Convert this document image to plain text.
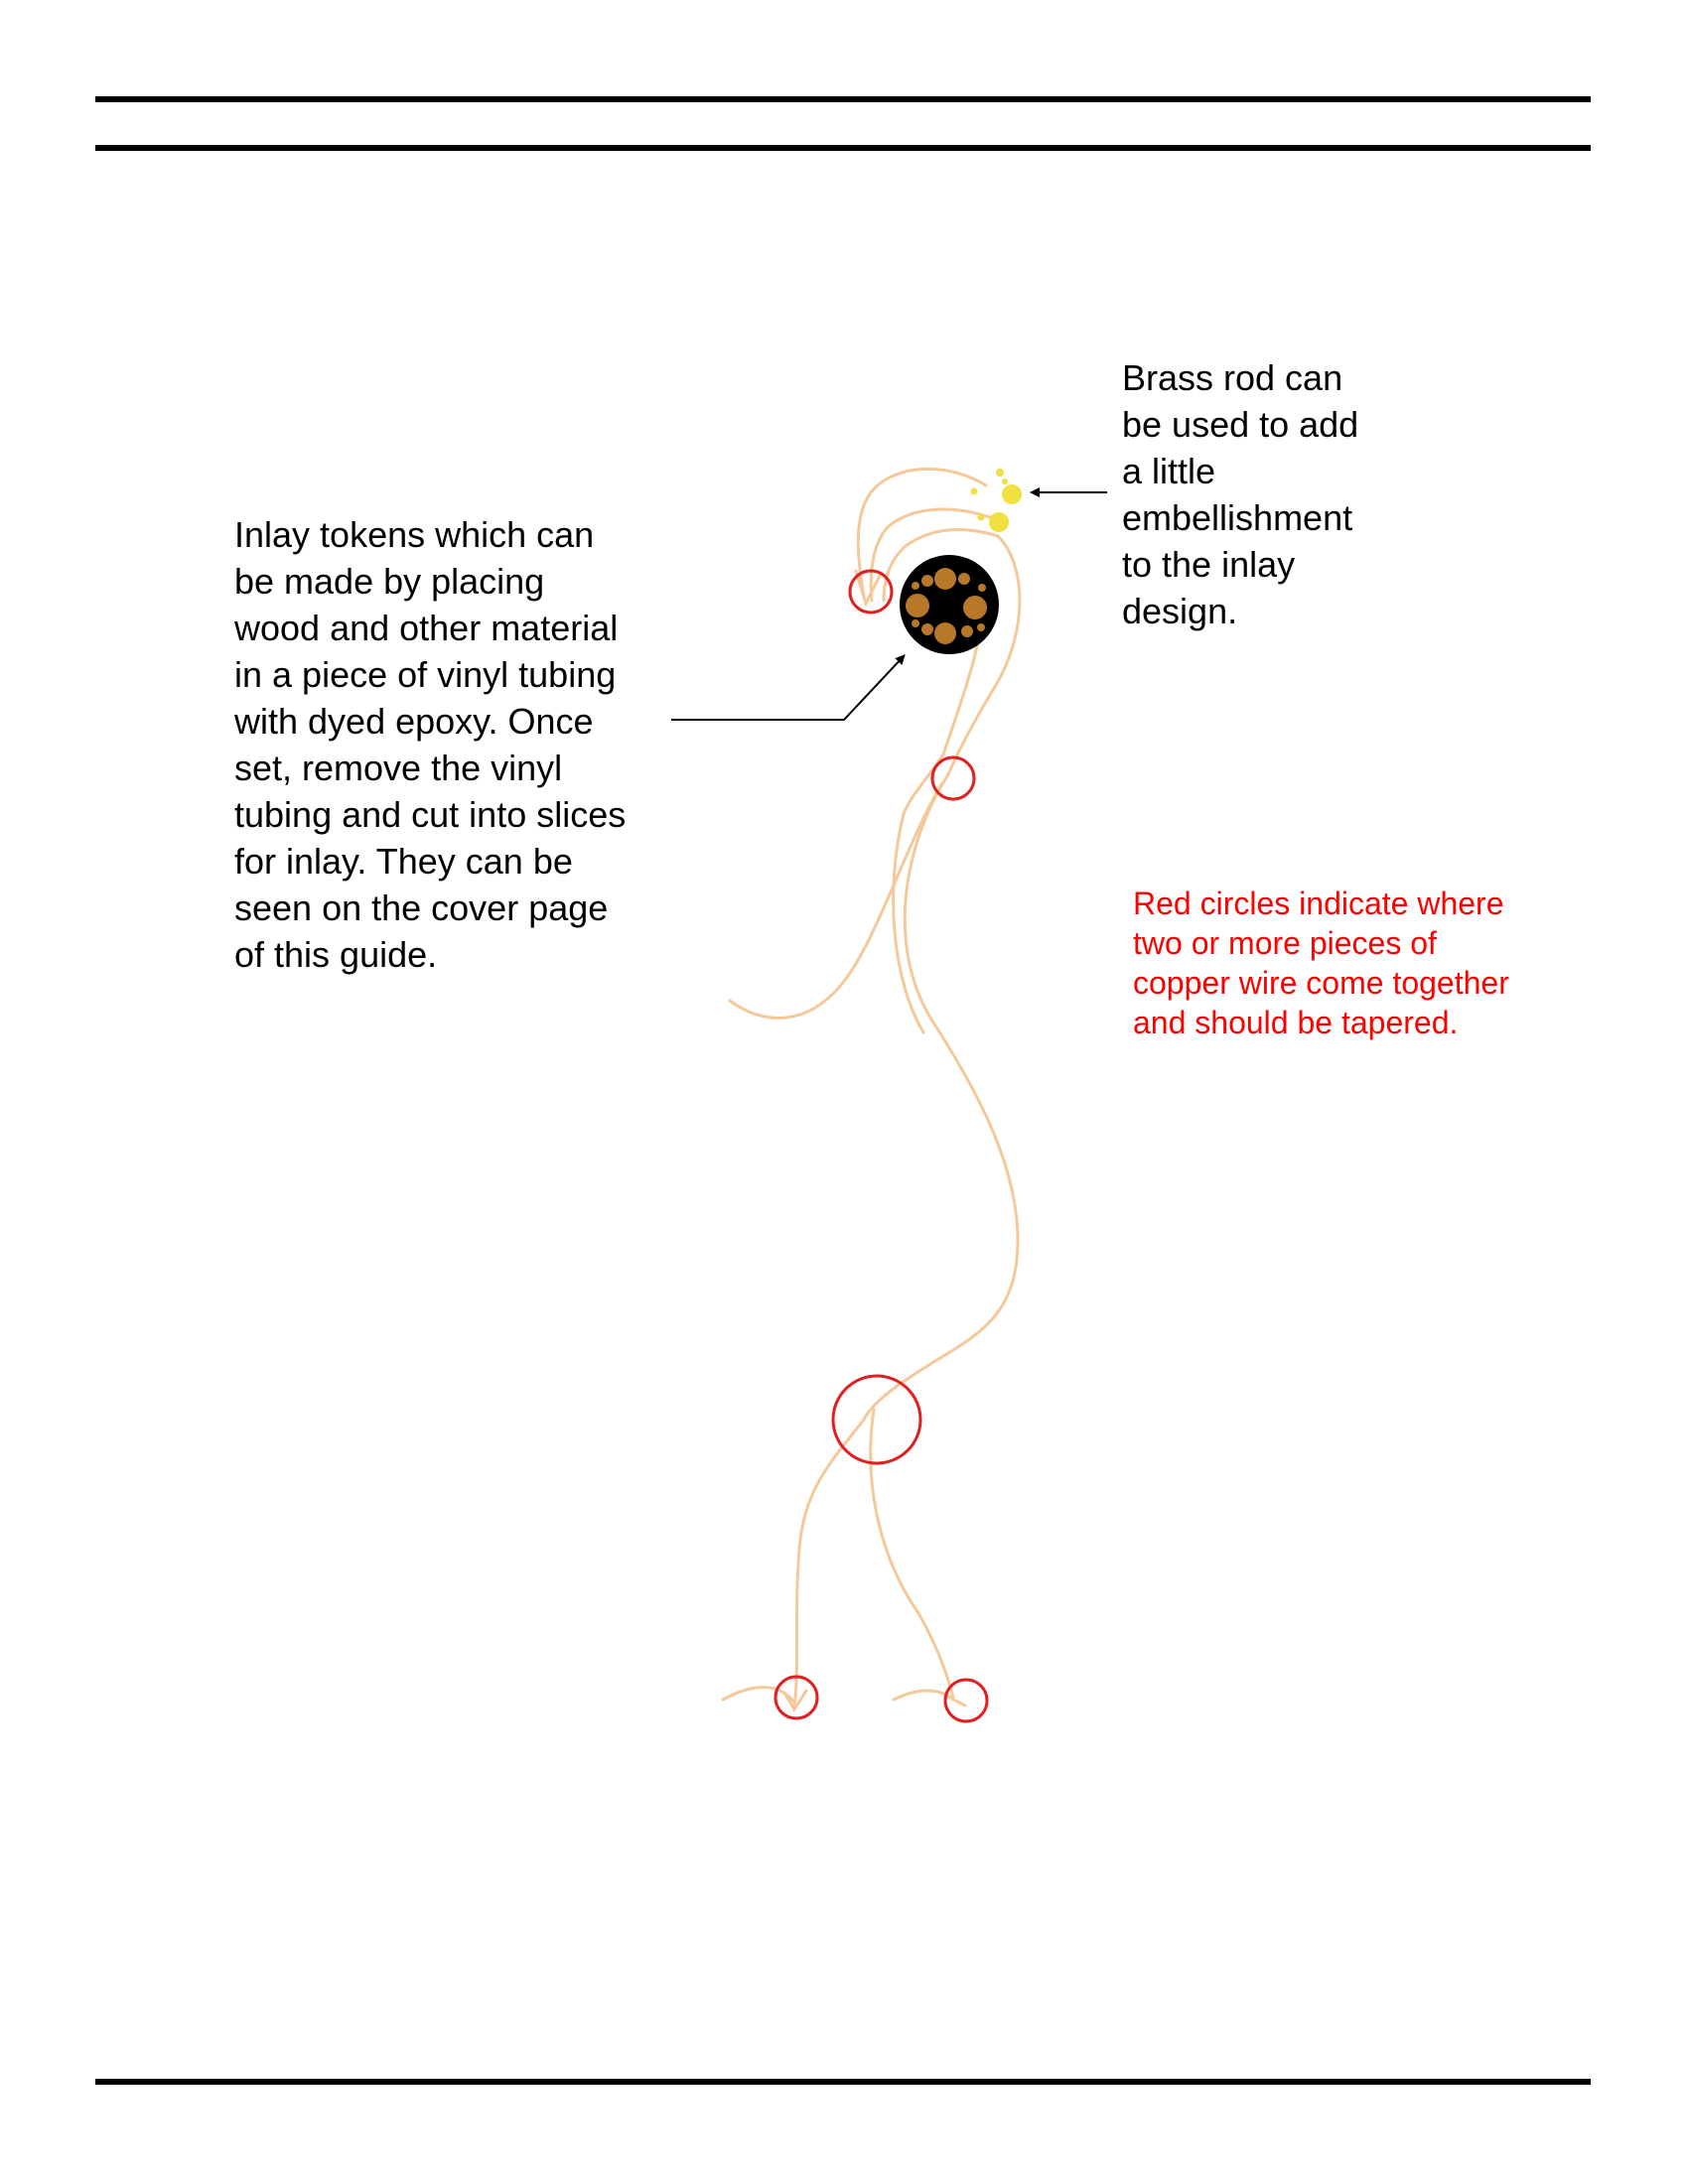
Inlay tokens which can
be made by placing
wood and other material
in a piece of vinyl tubing
with dyed epoxy. Once
set, remove the vinyl
tubing and cut into slices
for inlay. They can be
seen on the cover page
of this guide.

Brass rod can
be used to add
a little
embellishment
to the inlay
design.

Red circles indicate where
two or more pieces of
copper wire come together
and should be tapered.
